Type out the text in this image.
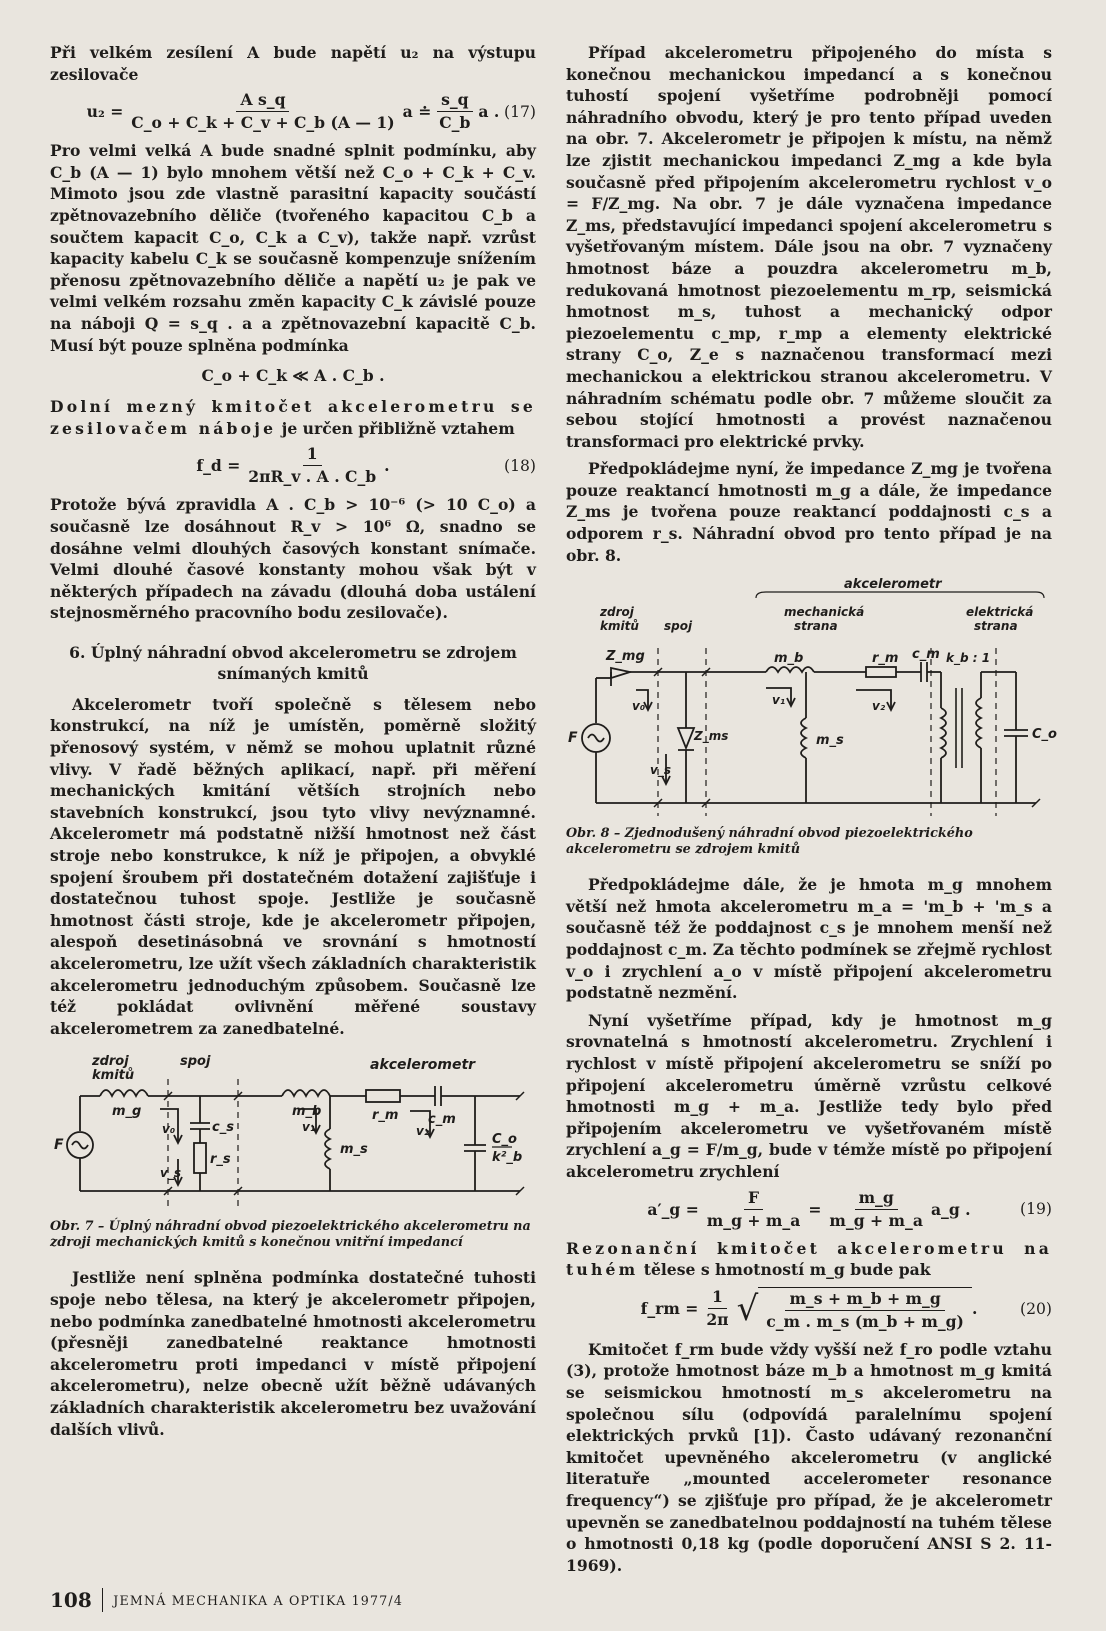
Při velkém zesílení A bude napětí u₂ na výstupu zesilovače

$u_2 = \frac{\text{A s\_q}}{C\_o + C\_k + C\_v + C\_b (A — 1)}$ a ≐ $\frac{s\_q}{C\_b}$ a . (17)

Pro velmi velká A bude snadné splnit podmínku, aby C_b (A — 1) bylo mnohem větší než C_o + C_k + C_v. Mimoto jsou zde vlastně parasitní kapacity součástí zpětnovazebního děliče (tvořeného kapacitou C_b a součtem kapacit C_o, C_k a C_v), takže např. vzrůst kapacity kabelu C_k se současně kompenzuje snížením přenosu zpětnovazebního děliče a napětí u₂ je pak ve velmi velkém rozsahu změn kapacity C_k závislé pouze na náboji Q = s_q . a a zpětnovazební kapacitě C_b. Musí být pouze splněna podmínka

C_o + C_k ≪ A . C_b .

Dolní mezný kmitočet akcelerometru se zesilovačem náboje je určen přibližně vztahem

f_d = $\frac{1}{2\pi R\_v . A . C\_b}$ .	(18)

Protože bývá zpravidla A . C_b > 10⁻⁶ (> 10 C_o) a současně lze dosáhnout R_v > 10⁶ Ω, snadno se dosáhne velmi dlouhých časových konstant snímače. Velmi dlouhé časové konstanty mohou však být v některých případech na závadu (dlouhá doba ustálení stejnosměrného pracovního bodu zesilovače).

6. Úplný náhradní obvod akcelerometru se zdrojem snímaných kmitů

Akcelerometr tvoří společně s tělesem nebo konstrukcí, na níž je umístěn, poměrně složitý přenosový systém, v němž se mohou uplatnit různé vlivy. V řadě běžných aplikací, např. při měření mechanických kmitání větších strojních nebo stavebních konstrukcí, jsou tyto vlivy nevýznamné. Akcelerometr má podstatně nižší hmotnost než část stroje nebo konstrukce, k níž je připojen, a obvyklé spojení šroubem při dostatečném dotažení zajišťuje i dostatečnou tuhost spoje. Jestliže je současně hmotnost části stroje, kde je akcelerometr připojen, alespoň desetinásobná ve srovnání s hmotností akcelerometru, lze užít všech základních charakteristik akcelerometru jednoduchým způsobem. Současně lze též pokládat ovlivnění měřené soustavy akcelerometrem za zanedbatelné.

zdroj
kmitů
spoj	akcelerometr
m_g	m_b	r_m c_m
c_s
r_s
m_s
v₀	v₁	v₂
v_s
F	C_o
k²_b
Obr. 7 – Úplný náhradní obvod piezoelektrického akcelerometru na zdroji mechanických kmitů s konečnou vnitřní impedancí

Jestliže není splněna podmínka dostatečné tuhosti spoje nebo tělesa, na který je akcelerometr připojen, nebo podmínka zanedbatelné hmotnosti akcelerometru (přesněji zanedbatelné reaktance hmotnosti akcelerometru proti impedanci v místě připojení akcelerometru), nelze obecně užít běžně udávaných základních charakteristik akcelerometru bez uvažování dalších vlivů.

Případ akcelerometru připojeného do místa s konečnou mechanickou impedancí a s konečnou tuhostí spojení vyšetříme podrobněji pomocí náhradního obvodu, který je pro tento případ uveden na obr. 7. Akcelerometr je připojen k místu, na němž lze zjistit mechanickou impedanci Z_mg a kde byla současně před připojením akcelerometru rychlost v_o = F/Z_mg. Na obr. 7 je dále vyznačena impedance Z_ms, představující impedanci spojení akcelerometru s vyšetřovaným místem. Dále jsou na obr. 7 vyznačeny hmotnost báze a pouzdra akcelerometru m_b, redukovaná hmotnost piezoelementu m_rp, seismická hmotnost m_s, tuhost a mechanický odpor piezoelementu c_mp, r_mp a elementy elektrické strany C_o, Z_e s naznačenou transformací mezi mechanickou a elektrickou stranou akcelerometru. V náhradním schématu podle obr. 7 můžeme sloučit za sebou stojící hmotnosti a provést naznačenou transformaci pro elektrické prvky.

Předpokládejme nyní, že impedance Z_mg je tvořena pouze reaktancí hmotnosti m_g a dále, že impedance Z_ms je tvořena pouze reaktancí poddajnosti c_s a odporem r_s. Náhradní obvod pro tento případ je na obr. 8.

akcelerometr
zdroj
kmitů spoj
mechanická
strana
elektrická
strana
Z_mg
Z_ms
m_b	r_m c_m k_b : 1
m_s	C_o
F
v₀	v₁	v₂
v_s
Obr. 8 – Zjednodušený náhradní obvod piezoelektrického akcelerometru se zdrojem kmitů

Předpokládejme dále, že je hmota m_g mnohem větší než hmota akcelerometru m_a = 'm_b + 'm_s a současně též že poddajnost c_s je mnohem menší než poddajnost c_m. Za těchto podmínek se zřejmě rychlost v_o i zrychlení a_o v místě připojení akcelerometru podstatně nezmění.

Nyní vyšetříme případ, kdy je hmotnost m_g srovnatelná s hmotností akcelerometru. Zrychlení i rychlost v místě připojení akcelerometru se sníží po připojení akcelerometru úměrně vzrůstu celkové hmotnosti m_g + m_a. Jestliže tedy bylo před připojením akcelerometru ve vyšetřovaném místě zrychlení a_g = F/m_g, bude v témže místě po připojení akcelerometru zrychlení

a′_g = $\frac{F}{m\_g + m\_a} = \frac{m\_g}{m\_g + m\_a}$ a_g .	(19)

Rezonanční kmitočet akcelerometru na tuhém tělese s hmotností m_g bude pak

f_rm = $\frac{1}{2\pi}$ √ $\frac{m\_s + m\_b + m\_g}{c\_m . m\_s (m\_b + m\_g)}$ .	(20)

Kmitočet f_rm bude vždy vyšší než f_ro podle vztahu (3), protože hmotnost báze m_b a hmotnost m_g kmitá se seismickou hmotností m_s akcelerometru na společnou sílu (odpovídá paralelnímu spojení elektrických prvků [1]). Často udávaný rezonanční kmitočet upevněného akcelerometru (v anglické literatuře „mounted accelerometer resonance frequency“) se zjišťuje pro případ, že je akcelerometr upevněn se zanedbatelnou poddajností na tuhém tělese o hmotnosti 0,18 kg (podle doporučení ANSI S 2. 11-1969).

108 JEMNÁ MECHANIKA A OPTIKA 1977/4
